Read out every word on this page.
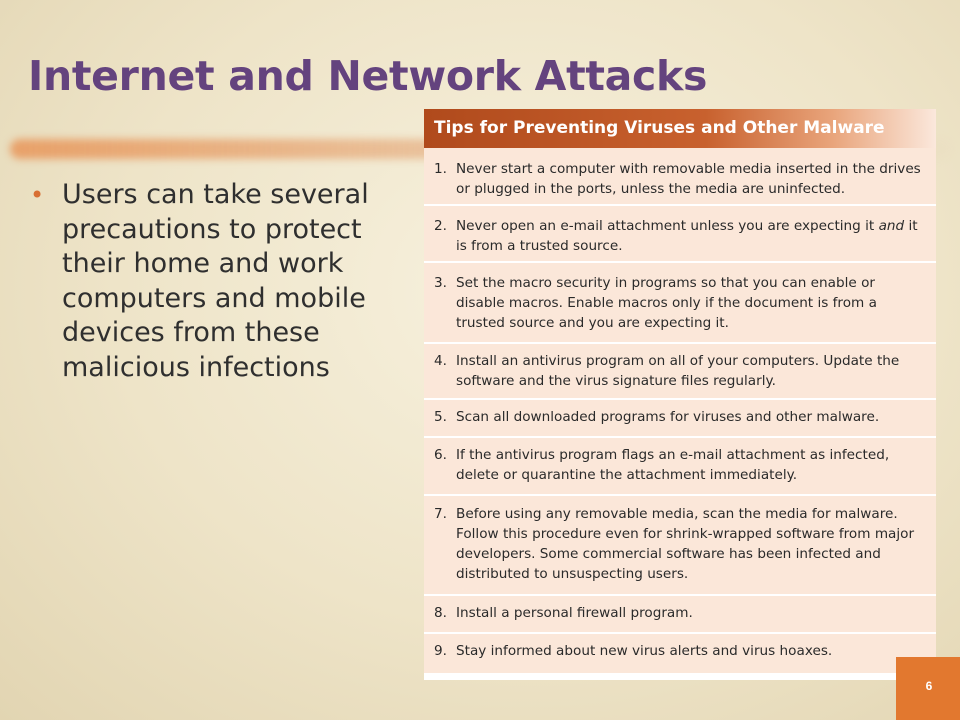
Internet and Network Attacks
• Users can take several precautions to protect their home and work computers and mobile devices from these malicious infections
Tips for Preventing Viruses and Other Malware
1. Never start a computer with removable media inserted in the drives or plugged in the ports, unless the media are uninfected.
2. Never open an e-mail attachment unless you are expecting it and it is from a trusted source.
3. Set the macro security in programs so that you can enable or disable macros. Enable macros only if the document is from a trusted source and you are expecting it.
4. Install an antivirus program on all of your computers. Update the software and the virus signature files regularly.
5. Scan all downloaded programs for viruses and other malware.
6. If the antivirus program flags an e-mail attachment as infected, delete or quarantine the attachment immediately.
7. Before using any removable media, scan the media for malware. Follow this procedure even for shrink-wrapped software from major developers. Some commercial software has been infected and distributed to unsuspecting users.
8. Install a personal firewall program.
9. Stay informed about new virus alerts and virus hoaxes.
6
